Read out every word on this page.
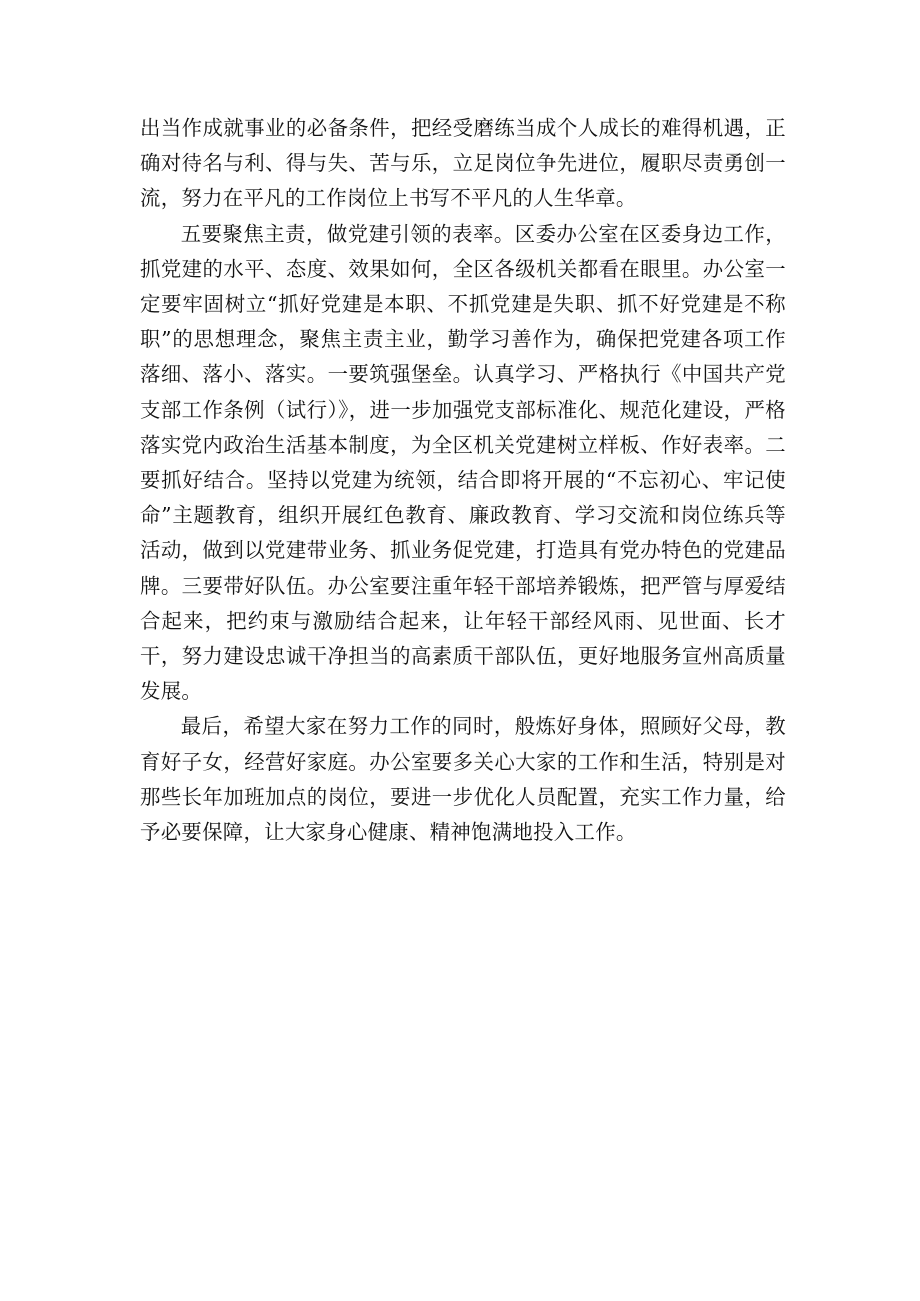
出当作成就事业的必备条件，把经受磨练当成个人成长的难得机遇，正确对待名与利、得与失、苦与乐，立足岗位争先进位，履职尽责勇创一流，努力在平凡的工作岗位上书写不平凡的人生华章。

五要聚焦主责，做党建引领的表率。区委办公室在区委身边工作，抓党建的水平、态度、效果如何，全区各级机关都看在眼里。办公室一定要牢固树立“抓好党建是本职、不抓党建是失职、抓不好党建是不称职”的思想理念，聚焦主责主业，勤学习善作为，确保把党建各项工作落细、落小、落实。一要筑强堡垒。认真学习、严格执行《中国共产党支部工作条例（试行）》，进一步加强党支部标准化、规范化建设，严格落实党内政治生活基本制度，为全区机关党建树立样板、作好表率。二要抓好结合。坚持以党建为统领，结合即将开展的“不忘初心、牢记使命”主题教育，组织开展红色教育、廉政教育、学习交流和岗位练兵等活动，做到以党建带业务、抓业务促党建，打造具有党办特色的党建品牌。三要带好队伍。办公室要注重年轻干部培养锻炼，把严管与厚爱结合起来，把约束与激励结合起来，让年轻干部经风雨、见世面、长才干，努力建设忠诚干净担当的高素质干部队伍，更好地服务宣州高质量发展。

最后，希望大家在努力工作的同时，般炼好身体，照顾好父母，教育好子女，经营好家庭。办公室要多关心大家的工作和生活，特别是对那些长年加班加点的岗位，要进一步优化人员配置，充实工作力量，给予必要保障，让大家身心健康、精神饱满地投入工作。
